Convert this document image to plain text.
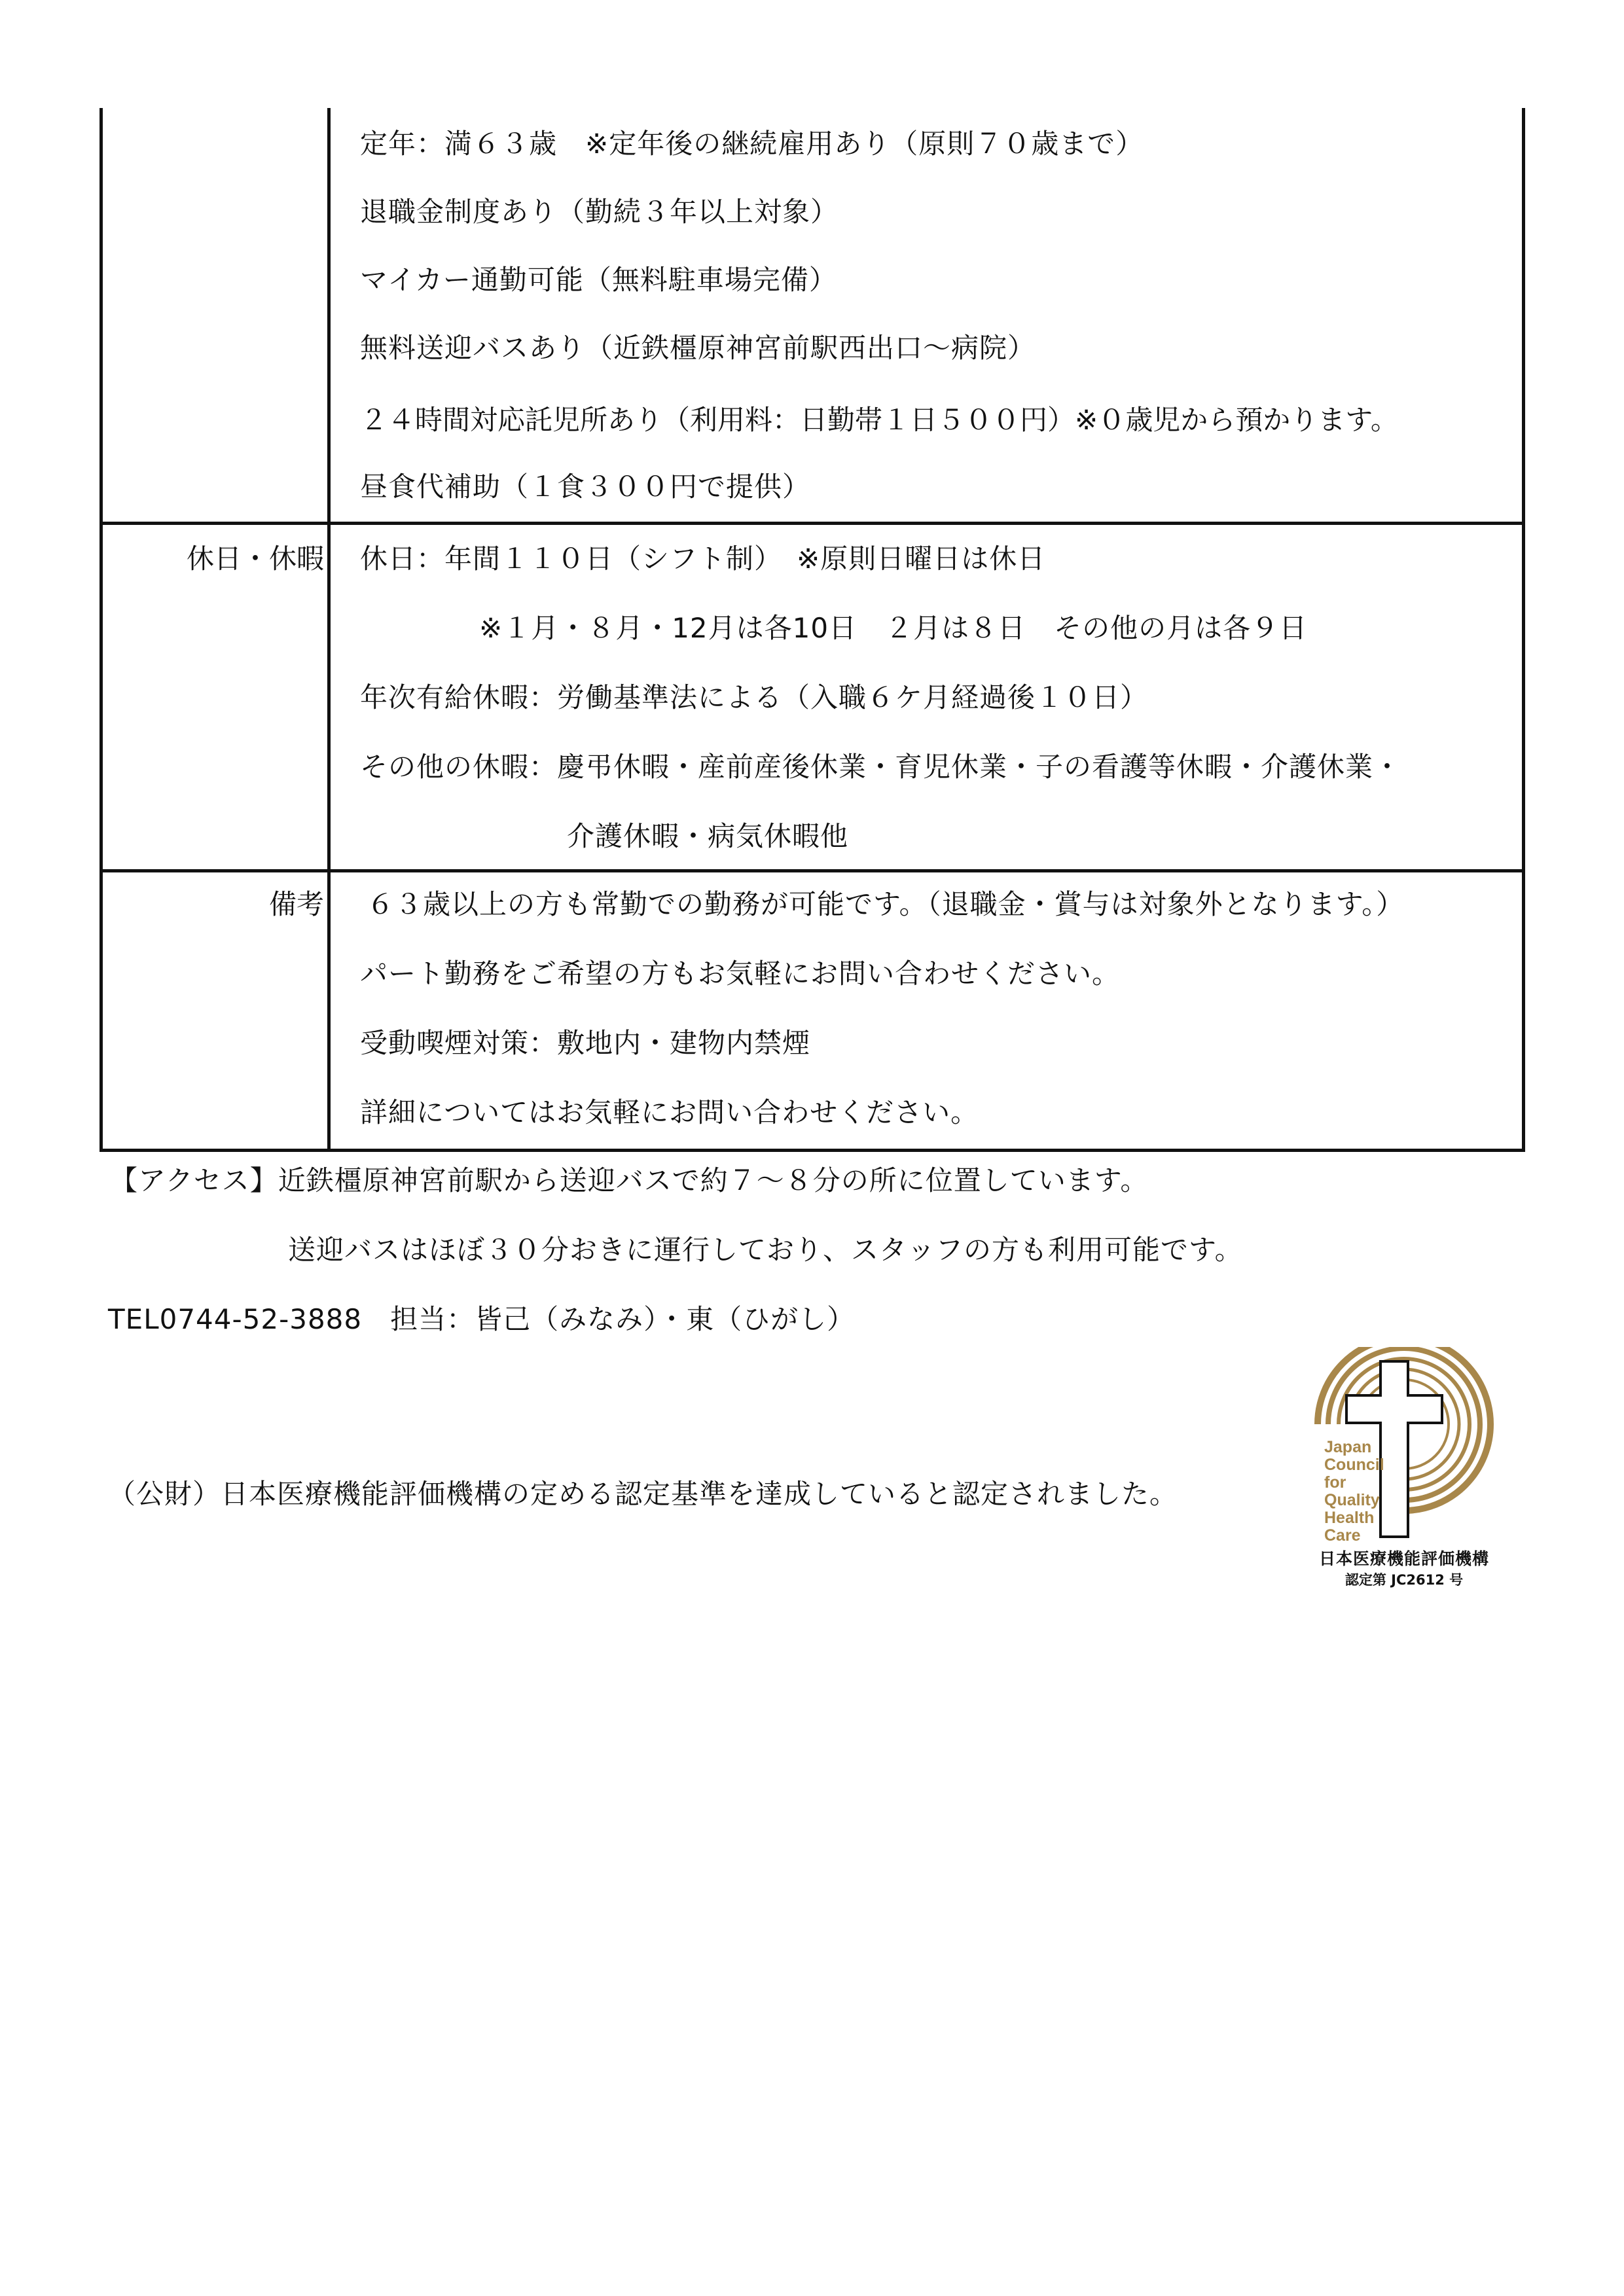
定年：満６３歳　※定年後の継続雇用あり（原則７０歳まで）
退職金制度あり（勤続３年以上対象）
マイカー通勤可能（無料駐車場完備）
無料送迎バスあり（近鉄橿原神宮前駅西出口〜病院）
２４時間対応託児所あり（利用料：日勤帯１日５００円）※０歳児から預かります。
昼食代補助（１食３００円で提供）
休日・休暇 休日：年間１１０日（シフト制）　※原則日曜日は休日
※１月・８月・12月は各10日　２月は８日　その他の月は各９日
年次有給休暇：労働基準法による（入職６ケ月経過後１０日）
その他の休暇：慶弔休暇・産前産後休業・育児休業・子の看護等休暇・介護休業・
介護休暇・病気休暇他
備考 ６３歳以上の方も常勤での勤務が可能です。（退職金・賞与は対象外となります。）
パート勤務をご希望の方もお気軽にお問い合わせください。
受動喫煙対策：敷地内・建物内禁煙
詳細についてはお気軽にお問い合わせください。
【アクセス】近鉄橿原神宮前駅から送迎バスで約７〜８分の所に位置しています。
送迎バスはほぼ３０分おきに運行しており、スタッフの方も利用可能です。
TEL0744-52-3888　担当：皆己（みなみ）・東（ひがし）
（公財）日本医療機能評価機構の定める認定基準を達成していると認定されました。
Japan
Council
for
Quality
Health
Care
日本医療機能評価機構
認定第 JC2612 号
